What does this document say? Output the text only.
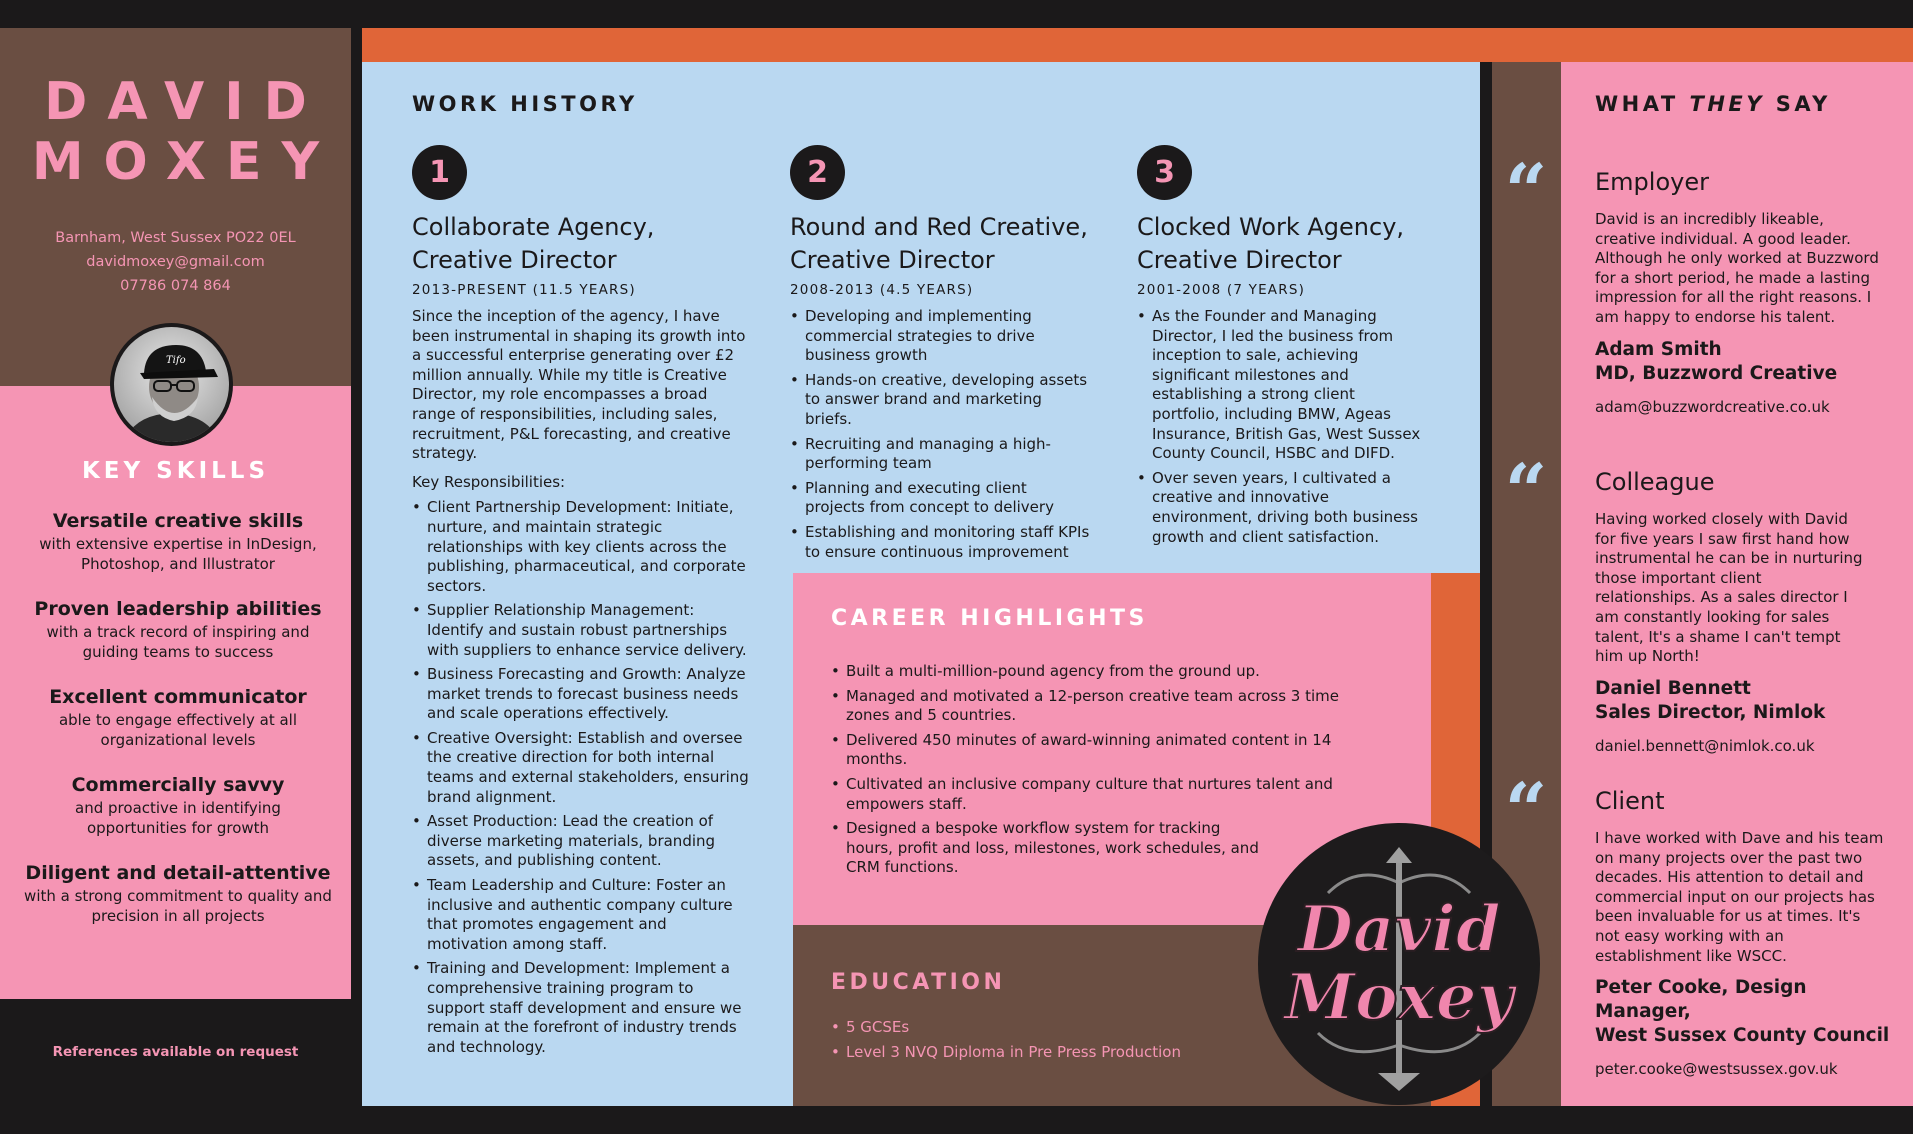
DAVID
MOXEY
Barnham, West Sussex PO22 0EL
davidmoxey@gmail.com
07786 074 864
Tifo
KEY SKILLS
Versatile creative skills
with extensive expertise in InDesign, Photoshop, and Illustrator
Proven leadership abilities
with a track record of inspiring and guiding teams to success
Excellent communicator
able to engage effectively at all organizational levels
Commercially savvy
and proactive in identifying opportunities for growth
Diligent and detail-attentive
with a strong commitment to quality and precision in all projects
References available on request
WORK HISTORY
1
Collaborate Agency,
Creative Director
2013-PRESENT (11.5 YEARS)
Since the inception of the agency, I have been instrumental in shaping its growth into a successful enterprise generating over £2 million annually. While my title is Creative Director, my role encompasses a broad range of responsibilities, including sales, recruitment, P&L forecasting, and creative strategy.
Key Responsibilities:
• Client Partnership Development: Initiate, nurture, and maintain strategic relationships with key clients across the publishing, pharmaceutical, and corporate sectors.
• Supplier Relationship Management: Identify and sustain robust partnerships with suppliers to enhance service delivery.
• Business Forecasting and Growth: Analyze market trends to forecast business needs and scale operations effectively.
• Creative Oversight: Establish and oversee the creative direction for both internal teams and external stakeholders, ensuring brand alignment.
• Asset Production: Lead the creation of diverse marketing materials, branding assets, and publishing content.
• Team Leadership and Culture: Foster an inclusive and authentic company culture that promotes engagement and motivation among staff.
• Training and Development: Implement a comprehensive training program to support staff development and ensure we remain at the forefront of industry trends and technology.
2
Round and Red Creative,
Creative Director
2008-2013 (4.5 YEARS)
• Developing and implementing commercial strategies to drive business growth
• Hands-on creative, developing assets to answer brand and marketing briefs.
• Recruiting and managing a high-performing team
• Planning and executing client projects from concept to delivery
• Establishing and monitoring staff KPIs to ensure continuous improvement
3
Clocked Work Agency,
Creative Director
2001-2008 (7 YEARS)
• As the Founder and Managing Director, I led the business from inception to sale, achieving significant milestones and establishing a strong client portfolio, including BMW, Ageas Insurance, British Gas, West Sussex County Council, HSBC and DIFD.
• Over seven years, I cultivated a creative and innovative environment, driving both business growth and client satisfaction.
CAREER HIGHLIGHTS
• Built a multi-million-pound agency from the ground up.
• Managed and motivated a 12-person creative team across 3 time zones and 5 countries.
• Delivered 450 minutes of award-winning animated content in 14 months.
• Cultivated an inclusive company culture that nurtures talent and empowers staff.
• Designed a bespoke workflow system for tracking hours, profit and loss, milestones, work schedules, and CRM functions.
EDUCATION
• 5 GCSEs
• Level 3 NVQ Diploma in Pre Press Production
David
Moxey
WHAT THEY SAY
“
“
“
Employer
David is an incredibly likeable, creative individual. A good leader. Although he only worked at Buzzword for a short period, he made a lasting impression for all the right reasons. I am happy to endorse his talent.
Adam Smith
MD, Buzzword Creative
adam@buzzwordcreative.co.uk
Colleague
Having worked closely with David for five years I saw first hand how instrumental he can be in nurturing those important client relationships. As a sales director I am constantly looking for sales talent, It's a shame I can't tempt him up North!
Daniel Bennett
Sales Director, Nimlok
daniel.bennett@nimlok.co.uk
Client
I have worked with Dave and his team on many projects over the past two decades. His attention to detail and commercial input on our projects has been invaluable for us at times. It's not easy working with an establishment like WSCC.
Peter Cooke, Design Manager,
West Sussex County Council
peter.cooke@westsussex.gov.uk
